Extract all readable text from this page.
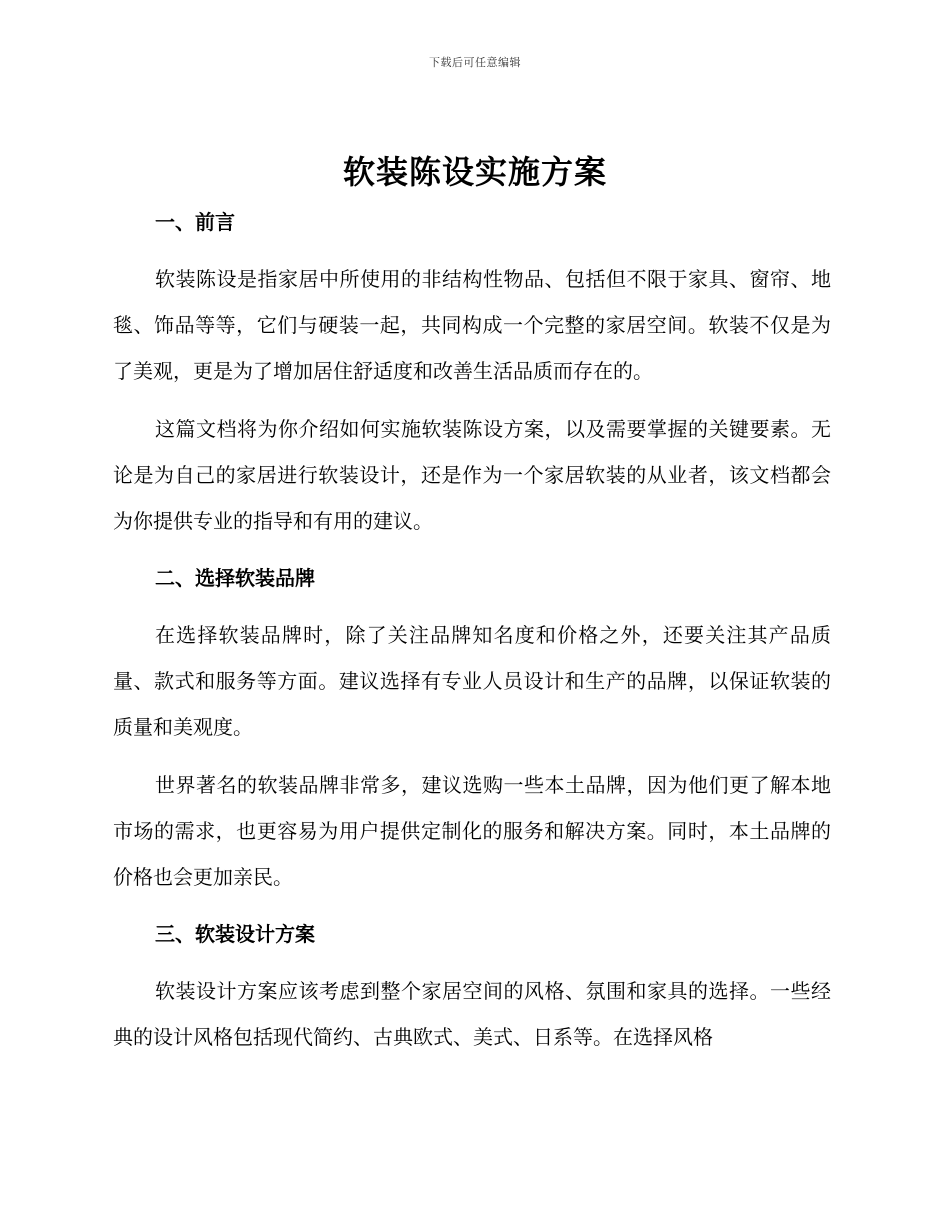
下载后可任意编辑
软装陈设实施方案

一、前言

软装陈设是指家居中所使用的非结构性物品、包括但不限于家具、窗帘、地毯、饰品等等，它们与硬装一起，共同构成一个完整的家居空间。软装不仅是为了美观，更是为了增加居住舒适度和改善生活品质而存在的。

这篇文档将为你介绍如何实施软装陈设方案，以及需要掌握的关键要素。无论是为自己的家居进行软装设计，还是作为一个家居软装的从业者，该文档都会为你提供专业的指导和有用的建议。

二、选择软装品牌

在选择软装品牌时，除了关注品牌知名度和价格之外，还要关注其产品质量、款式和服务等方面。建议选择有专业人员设计和生产的品牌，以保证软装的质量和美观度。

世界著名的软装品牌非常多，建议选购一些本土品牌，因为他们更了解本地市场的需求，也更容易为用户提供定制化的服务和解决方案。同时，本土品牌的价格也会更加亲民。

三、软装设计方案

软装设计方案应该考虑到整个家居空间的风格、氛围和家具的选择。一些经典的设计风格包括现代简约、古典欧式、美式、日系等。在选择风格
